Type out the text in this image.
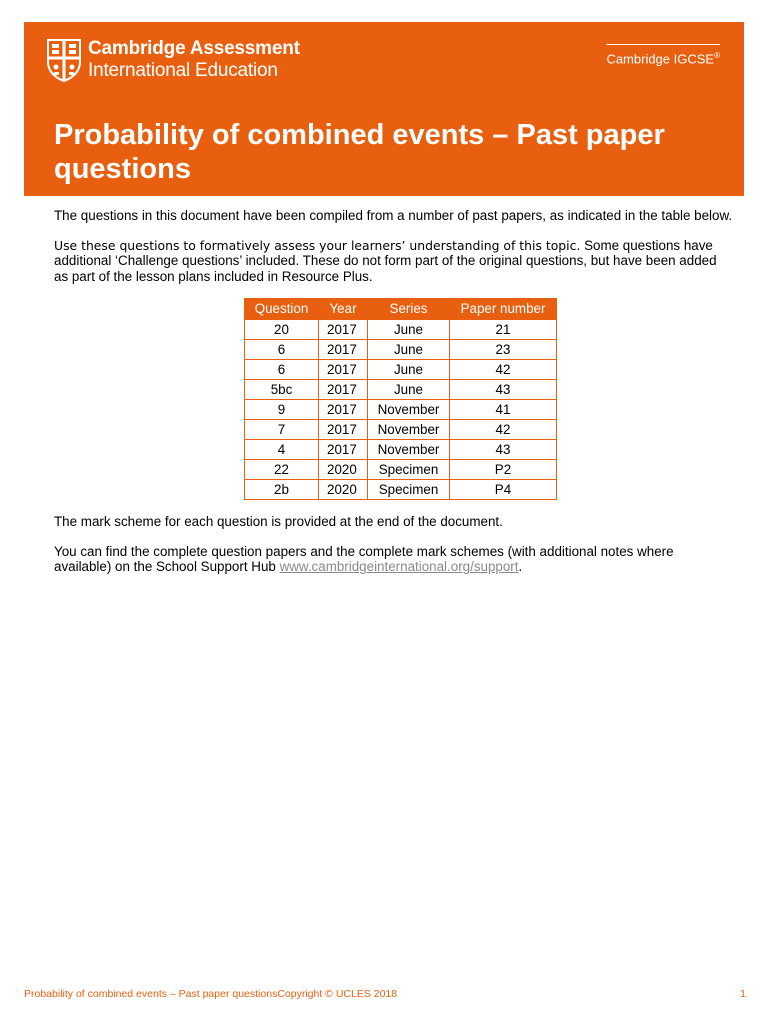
Cambridge Assessment
International Education
Cambridge IGCSE®
Probability of combined events – Past paper questions

The questions in this document have been compiled from a number of past papers, as indicated in the table below.

Use these questions to formatively assess your learners’ understanding of this topic. Some questions have additional ‘Challenge questions’ included. These do not form part of the original questions, but have been added as part of the lesson plans included in Resource Plus.

Question	Year	Series	Paper number
20	2017	June	21
6	2017	June	23
6	2017	June	42
5bc	2017	June	43
9	2017	November	41
7	2017	November	42
4	2017	November	43
22	2020	Specimen	P2
2b	2020	Specimen	P4

The mark scheme for each question is provided at the end of the document.

You can find the complete question papers and the complete mark schemes (with additional notes where available) on the School Support Hub www.cambridgeinternational.org/support.

Probability of combined events – Past paper questionsCopyright © UCLES 2018	1
